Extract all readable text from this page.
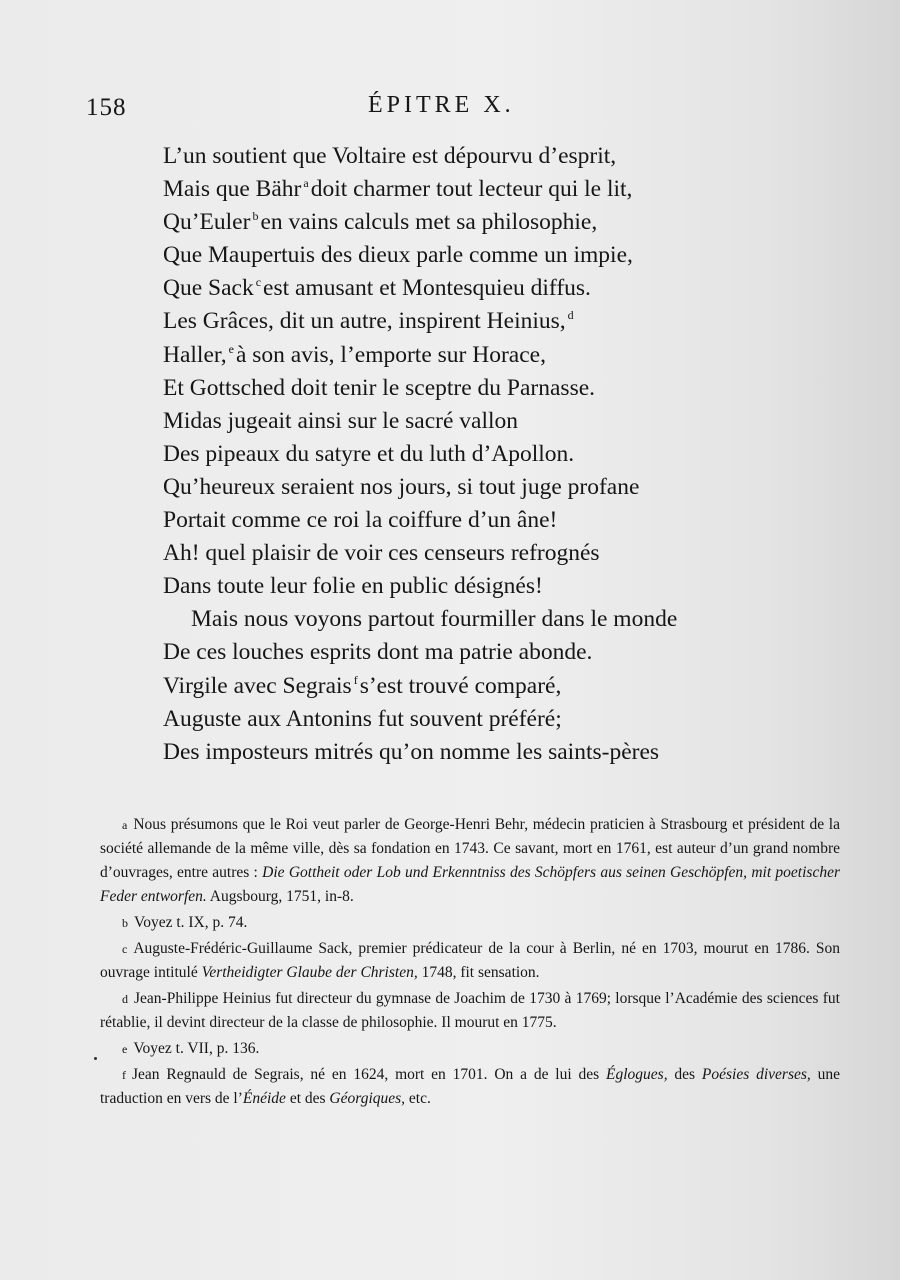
158	ÉPITRE X.
L’un soutient que Voltaire est dépourvu d’esprit,
Mais que Bähr $^a$doit charmer tout lecteur qui le lit,
Qu’Euler $^b$en vains calculs met sa philosophie,
Que Maupertuis des dieux parle comme un impie,
Que Sack $^c$est amusant et Montesquieu diffus.
Les Grâces, dit un autre, inspirent Heinius, $^d$
Haller, $^e$à son avis, l’emporte sur Horace,
Et Gottsched doit tenir le sceptre du Parnasse.
Midas jugeait ainsi sur le sacré vallon
Des pipeaux du satyre et du luth d’Apollon.
Qu’heureux seraient nos jours, si tout juge profane
Portait comme ce roi la coiffure d’un âne!
Ah! quel plaisir de voir ces censeurs refrognés
Dans toute leur folie en public désignés!
Mais nous voyons partout fourmiller dans le monde
De ces louches esprits dont ma patrie abonde.
Virgile avec Segrais $^f$s’est trouvé comparé,
Auguste aux Antonins fut souvent préféré;
Des imposteurs mitrés qu’on nomme les saints-pères

a Nous présumons que le Roi veut parler de George-Henri Behr, médecin praticien à Strasbourg et président de la société allemande de la même ville, dès sa fondation en 1743. Ce savant, mort en 1761, est auteur d’un grand nombre d’ouvrages, entre autres : Die Gottheit oder Lob und Erkenntniss des Schöpfers aus seinen Geschöpfen, mit poetischer Feder entworfen. Augsbourg, 1751, in-8.

b Voyez t. IX, p. 74.

c Auguste-Frédéric-Guillaume Sack, premier prédicateur de la cour à Berlin, né en 1703, mourut en 1786. Son ouvrage intitulé Vertheidigter Glaube der Christen, 1748, fit sensation.

d Jean-Philippe Heinius fut directeur du gymnase de Joachim de 1730 à 1769; lorsque l’Académie des sciences fut rétablie, il devint directeur de la classe de philosophie. Il mourut en 1775.

e Voyez t. VII, p. 136.

f Jean Regnauld de Segrais, né en 1624, mort en 1701. On a de lui des Églogues, des Poésies diverses, une traduction en vers de l’Énéide et des Géorgiques, etc.
